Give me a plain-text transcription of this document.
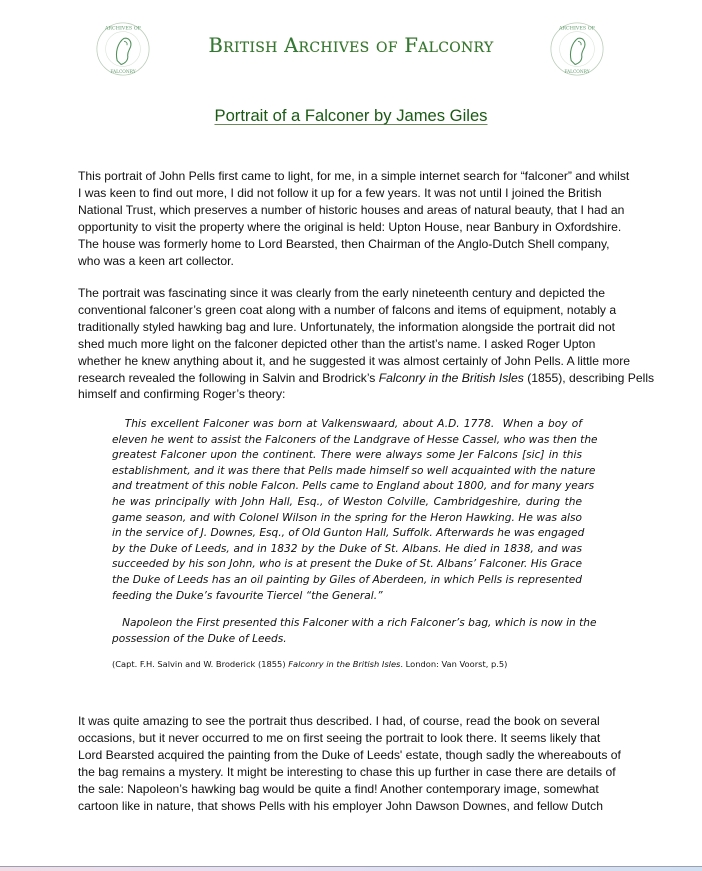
ARCHIVES OF
FALCONRY
British Archives of Falconry
ARCHIVES OF
FALCONRY
Portrait of a Falconer by James Giles
This portrait of John Pells first came to light, for me, in a simple internet search for “falconer” and whilst
I was keen to find out more, I did not follow it up for a few years. It was not until I joined the British
National Trust, which preserves a number of historic houses and areas of natural beauty, that I had an
opportunity to visit the property where the original is held: Upton House, near Banbury in Oxfordshire.
The house was formerly home to Lord Bearsted, then Chairman of the Anglo-Dutch Shell company,
who was a keen art collector.
The portrait was fascinating since it was clearly from the early nineteenth century and depicted the
conventional falconer’s green coat along with a number of falcons and items of equipment, notably a
traditionally styled hawking bag and lure. Unfortunately, the information alongside the portrait did not
shed much more light on the falconer depicted other than the artist’s name. I asked Roger Upton
whether he knew anything about it, and he suggested it was almost certainly of John Pells. A little more
research revealed the following in Salvin and Brodrick’s Falconry in the British Isles (1855), describing Pells
himself and confirming Roger’s theory:
This excellent Falconer was born at Valkenswaard, about A.D. 1778.  When a boy of
eleven he went to assist the Falconers of the Landgrave of Hesse Cassel, who was then the
greatest Falconer upon the continent. There were always some Jer Falcons [sic] in this
establishment, and it was there that Pells made himself so well acquainted with the nature
and treatment of this noble Falcon. Pells came to England about 1800, and for many years
he was principally with John Hall, Esq., of Weston Colville, Cambridgeshire, during the
game season, and with Colonel Wilson in the spring for the Heron Hawking. He was also
in the service of J. Downes, Esq., of Old Gunton Hall, Suffolk. Afterwards he was engaged
by the Duke of Leeds, and in 1832 by the Duke of St. Albans. He died in 1838, and was
succeeded by his son John, who is at present the Duke of St. Albans’ Falconer. His Grace
the Duke of Leeds has an oil painting by Giles of Aberdeen, in which Pells is represented
feeding the Duke’s favourite Tiercel “the General.”
Napoleon the First presented this Falconer with a rich Falconer’s bag, which is now in the
possession of the Duke of Leeds.
(Capt. F.H. Salvin and W. Broderick (1855) Falconry in the British Isles. London: Van Voorst, p.5)
It was quite amazing to see the portrait thus described. I had, of course, read the book on several
occasions, but it never occurred to me on first seeing the portrait to look there. It seems likely that
Lord Bearsted acquired the painting from the Duke of Leeds' estate, though sadly the whereabouts of
the bag remains a mystery. It might be interesting to chase this up further in case there are details of
the sale: Napoleon’s hawking bag would be quite a find! Another contemporary image, somewhat
cartoon like in nature, that shows Pells with his employer John Dawson Downes, and fellow Dutch
